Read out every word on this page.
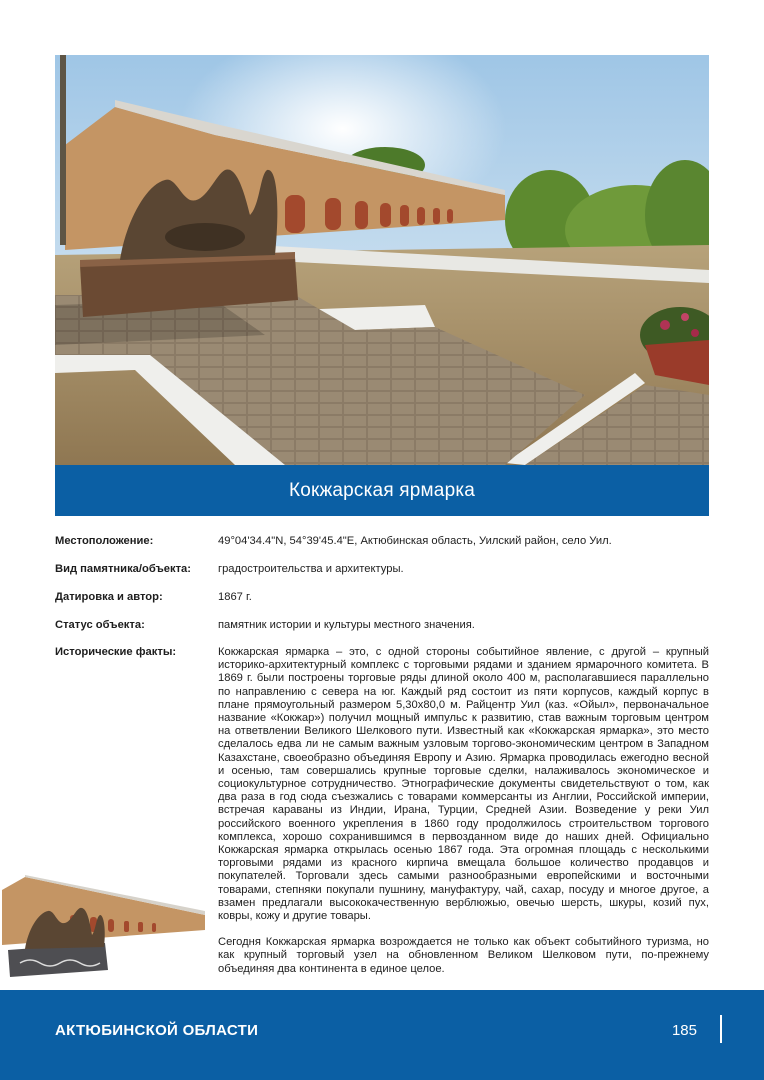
Кокжарская ярмарка
Местоположение:	49°04'34.4"N, 54°39'45.4"E, Актюбинская область, Уилский район, село Уил.
Вид памятника/объекта:	градостроительства и архитектуры.
Датировка и автор:	1867 г.
Статус объекта:	памятник истории и культуры местного значения.
Исторические факты:	Кокжарская ярмарка – это, с одной стороны событийное явление, с другой – крупный историко-архитектурный комплекс с торговыми рядами и зданием ярмарочного комитета. В 1869 г. были построены торговые ряды длиной около 400 м, располагавшиеся параллельно по направлению с севера на юг. Каждый ряд состоит из пяти корпусов, каждый корпус в плане прямоугольный размером 5,30х80,0 м. Райцентр Уил (каз. «Ойыл», первоначальное название «Кокжар») получил мощный импульс к развитию, став важным торговым центром на ответвлении Великого Шелкового пути. Известный как «Кокжарская ярмарка», это место сделалось едва ли не самым важным узловым торгово-экономическим центром в Западном Казахстане, своеобразно объединяя Европу и Азию. Ярмарка проводилась ежегодно весной и осенью, там совершались крупные торговые сделки, налаживалось экономическое и социокультурное сотрудничество. Этнографические документы свидетельствуют о том, как два раза в год сюда съезжались с товарами коммерсанты из Англии, Российской империи, встречая караваны из Индии, Ирана, Турции, Средней Азии. Возведение у реки Уил российского военного укрепления в 1860 году продолжилось строительством торгового комплекса, хорошо сохранившимся в первозданном виде до наших дней. Официально Кокжарская ярмарка открылась осенью 1867 года. Эта огромная площадь с несколькими торговыми рядами из красного кирпича вмещала большое количество продавцов и покупателей. Торговали здесь самыми разнообразными европейскими и восточными товарами, степняки покупали пушнину, мануфактуру, чай, сахар, посуду и многое другое, а взамен предлагали высококачественную верблюжью, овечью шерсть, шкуры, козий пух, ковры, кожу и другие товары.

Сегодня Кокжарская ярмарка возрождается не только как объект событийного туризма, но как крупный торговый узел на обновленном Великом Шелковом пути, по-прежнему объединяя два континента в единое целое.

АКТЮБИНСКОЙ ОБЛАСТИ	185
